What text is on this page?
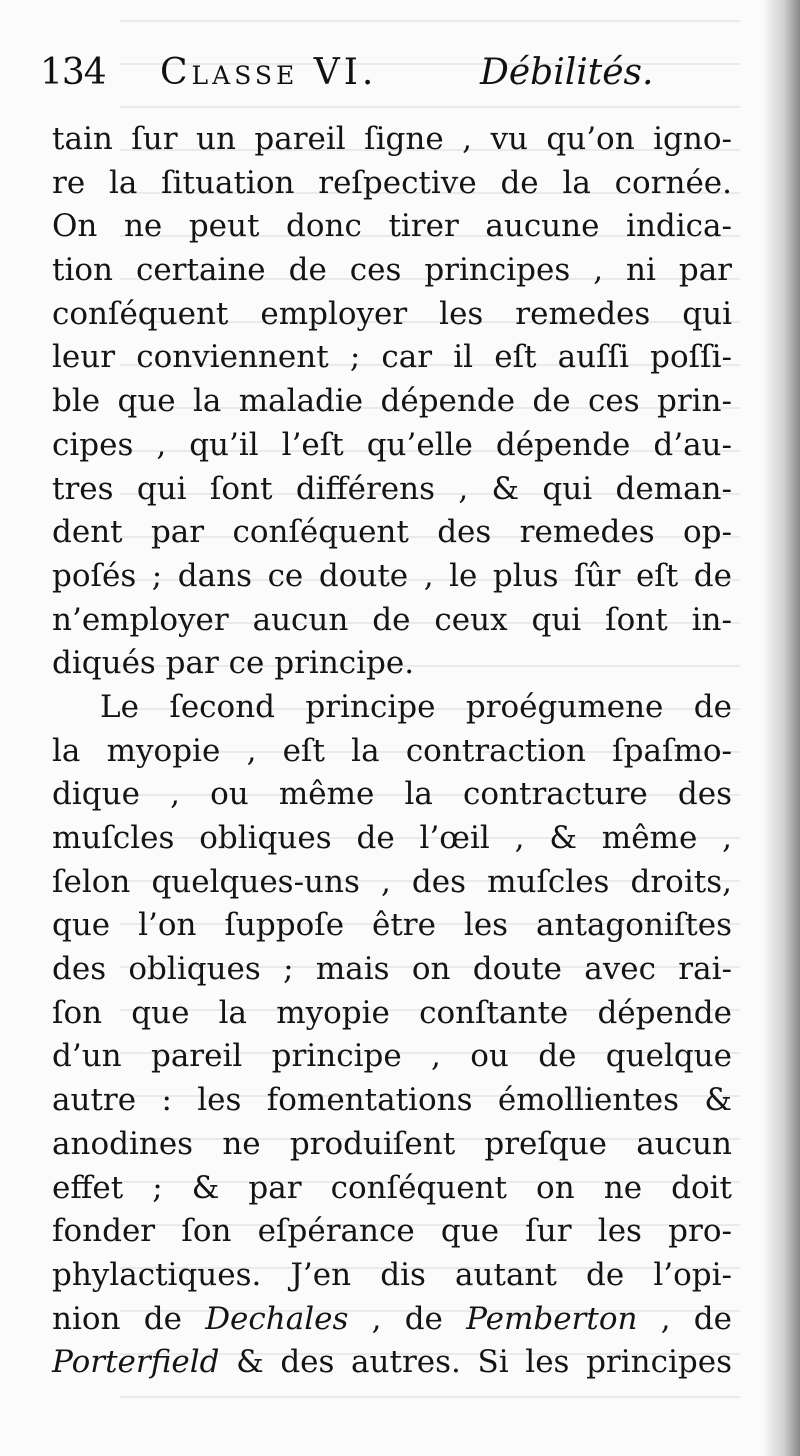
134 Classe VI.	Débilités.
tain ſur un pareil ſigne , vu qu’on igno-
re la ſituation reſpective de la cornée.
On ne peut donc tirer aucune indica-
tion certaine de ces principes , ni par
conſéquent employer les remedes qui
leur conviennent ; car il eſt auſſi poſſi-
ble que la maladie dépende de ces prin-
cipes , qu’il l’eſt qu’elle dépende d’au-
tres qui ſont différens , & qui deman-
dent par conſéquent des remedes op-
poſés ; dans ce doute , le plus ſûr eſt de
n’employer aucun de ceux qui ſont in-
diqués par ce principe.
Le ſecond principe proégumene de
la myopie , eſt la contraction ſpaſmo-
dique , ou même la contracture des
muſcles obliques de l’œil , & même ,
ſelon quelques-uns , des muſcles droits,
que l’on ſuppoſe être les antagoniſtes
des obliques ; mais on doute avec rai-
ſon que la myopie conſtante dépende
d’un pareil principe , ou de quelque
autre : les fomentations émollientes &
anodines ne produiſent preſque aucun
effet ; & par conſéquent on ne doit
fonder ſon eſpérance que ſur les pro-
phylactiques. J’en dis autant de l’opi-
nion de Dechales , de Pemberton , de
Porterfield & des autres. Si les principes
